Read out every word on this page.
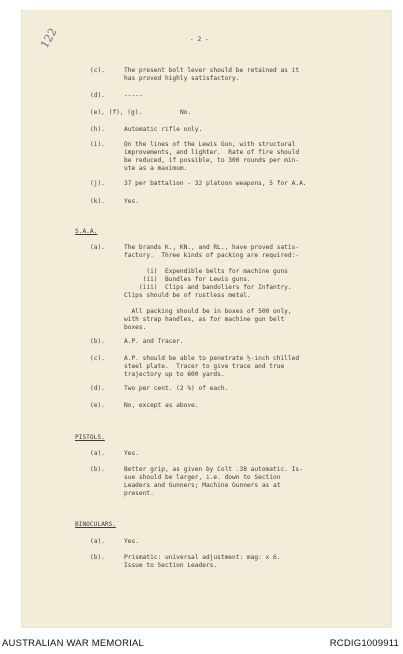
122	- 2 -
(c).	The present bolt lever should be retained as it
has proved highly satisfactory.
(d).	-----
(e), (f), (g).	No.
(h).	Automatic rifle only.
(i).	On the lines of the Lewis Gun, with structural
improvements, and lighter.  Rate of fire should
be reduced, if possible, to 300 rounds per min-
ute as a maximum.
(j).	37 per battalion - 32 platoon weapons, 5 for A.A.
(k).	Yes.
S.A.A.
(a).	The brands K., KN., and RL., have proved satis-
factory.  Three kinds of packing are required:-

(i)  Expendible belts for machine guns
(ii)  Bundles for Lewis guns.
(iii)  Clips and bandoliers for Infantry.
Clips should be of rustless metal.

All packing should be in boxes of 500 only,
with strap handles, as for machine gun belt
boxes.
(b).	A.P. and Tracer.
(c).	A.P. should be able to penetrate ½-inch chilled
steel plate.  Tracer to give trace and true
trajectory up to 600 yards.
(d).	Two per cent. (2 %) of each.
(e).	No, except as above.
PISTOLS.
(a).	Yes.
(b).	Better grip, as given by Colt .38 automatic. Is-
sue should be larger, i.e. down to Section
Leaders and Gunners; Machine Gunners as at
present.
BINOCULARS.
(a).	Yes.
(b).	Prismatic: universal adjustment: mag: x 6.
Issue to Section Leaders.
AUSTRALIAN WAR MEMORIAL	RCDIG1009911
